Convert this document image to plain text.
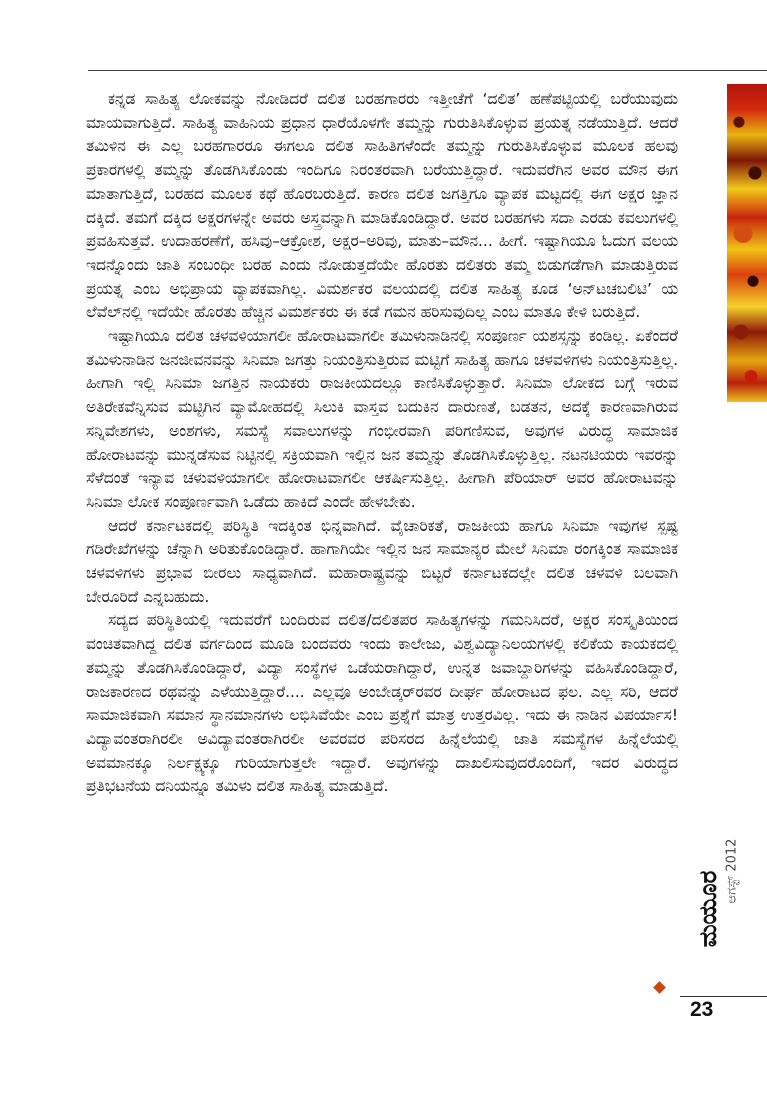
ಕನ್ನಡ ಸಾಹಿತ್ಯ ಲೋಕವನ್ನು ನೋಡಿದರೆ ದಲಿತ ಬರಹಗಾರರು ಇತ್ತೀಚೆಗೆ ‘ದಲಿತ’ ಹಣೆಪಟ್ಟಿಯಲ್ಲಿ ಬರೆಯುವುದು ಮಾಯವಾಗುತ್ತಿದೆ. ಸಾಹಿತ್ಯ ವಾಹಿನಿಯ ಪ್ರಧಾನ ಧಾರೆಯೊಳಗೇ ತಮ್ಮನ್ನು ಗುರುತಿಸಿಕೊಳ್ಳುವ ಪ್ರಯತ್ನ ನಡೆಯುತ್ತಿದೆ. ಆದರೆ ತಮಿಳಿನ ಈ ಎಲ್ಲ ಬರಹಗಾರರೂ ಈಗಲೂ ದಲಿತ ಸಾಹಿತಿಗಳೆಂದೇ ತಮ್ಮನ್ನು ಗುರುತಿಸಿಕೊಳ್ಳುವ ಮೂಲಕ ಹಲವು ಪ್ರಕಾರಗಳಲ್ಲಿ ತಮ್ಮನ್ನು ತೊಡಗಿಸಿಕೊಂಡು ಇಂದಿಗೂ ನಿರಂತರವಾಗಿ ಬರೆಯುತ್ತಿದ್ದಾರೆ. ಇದುವರೆಗಿನ ಅವರ ಮೌನ ಈಗ ಮಾತಾಗುತ್ತಿದೆ, ಬರಹದ ಮೂಲಕ ಕಥೆ ಹೊರಬರುತ್ತಿದೆ. ಕಾರಣ ದಲಿತ ಜಗತ್ತಿಗೂ ವ್ಯಾಪಕ ಮಟ್ಟದಲ್ಲಿ ಈಗ ಅಕ್ಷರ ಜ್ಞಾನ ದಕ್ಕಿದೆ. ತಮಗೆ ದಕ್ಕಿದ ಅಕ್ಷರಗಳನ್ನೇ ಅವರು ಅಸ್ತ್ರವನ್ನಾಗಿ ಮಾಡಿಕೊಂಡಿದ್ದಾರೆ. ಅವರ ಬರಹಗಳು ಸದಾ ಎರಡು ಕವಲುಗಳಲ್ಲಿ ಪ್ರವಹಿಸುತ್ತವೆ. ಉದಾಹರಣೆಗೆ, ಹಸಿವು–ಆಕ್ರೋಶ, ಅಕ್ಷರ–ಅರಿವು, ಮಾತು–ಮೌನ... ಹೀಗೆ. ಇಷ್ಟಾಗಿಯೂ ಓದುಗ ವಲಯ ಇದನ್ನೊಂದು ಜಾತಿ ಸಂಬಂಧೀ ಬರಹ ಎಂದು ನೋಡುತ್ತದೆಯೇ ಹೊರತು ದಲಿತರು ತಮ್ಮ ಬಿಡುಗಡೆಗಾಗಿ ಮಾಡುತ್ತಿರುವ ಪ್ರಯತ್ನ ಎಂಬ ಅಭಿಪ್ರಾಯ ವ್ಯಾಪಕವಾಗಿಲ್ಲ. ವಿಮರ್ಶಕರ ವಲಯದಲ್ಲಿ ದಲಿತ ಸಾಹಿತ್ಯ ಕೂಡ ‘ಅನ್‌ಟಚಬಲಿಟಿ’ ಯ ಲೆವೆಲ್‌ನಲ್ಲಿ ಇದೆಯೇ ಹೊರತು ಹೆಚ್ಚಿನ ವಿಮರ್ಶಕರು ಈ ಕಡೆ ಗಮನ ಹರಿಸುವುದಿಲ್ಲ ಎಂಬ ಮಾತೂ ಕೇಳಿ ಬರುತ್ತಿದೆ.

ಇಷ್ಟಾಗಿಯೂ ದಲಿತ ಚಳವಳಿಯಾಗಲೀ ಹೋರಾಟವಾಗಲೀ ತಮಿಳುನಾಡಿನಲ್ಲಿ ಸಂಪೂರ್ಣ ಯಶಸ್ಸನ್ನು ಕಂಡಿಲ್ಲ. ಏಕೆಂದರೆ ತಮಿಳುನಾಡಿನ ಜನಜೀವನವನ್ನು ಸಿನಿಮಾ ಜಗತ್ತು ನಿಯಂತ್ರಿಸುತ್ತಿರುವ ಮಟ್ಟಿಗೆ ಸಾಹಿತ್ಯ ಹಾಗೂ ಚಳವಳಿಗಳು ನಿಯಂತ್ರಿಸುತ್ತಿಲ್ಲ. ಹೀಗಾಗಿ ಇಲ್ಲಿ ಸಿನಿಮಾ ಜಗತ್ತಿನ ನಾಯಕರು ರಾಜಕೀಯದಲ್ಲೂ ಕಾಣಿಸಿಕೊಳ್ಳುತ್ತಾರೆ. ಸಿನಿಮಾ ಲೋಕದ ಬಗ್ಗೆ ಇರುವ ಅತಿರೇಕವೆನ್ನಿಸುವ ಮಟ್ಟಿಗಿನ ವ್ಯಾಮೋಹದಲ್ಲಿ ಸಿಲುಕಿ ವಾಸ್ತವ ಬದುಕಿನ ದಾರುಣತೆ, ಬಡತನ, ಅದಕ್ಕೆ ಕಾರಣವಾಗಿರುವ ಸನ್ನಿವೇಶಗಳು, ಅಂಶಗಳು, ಸಮಸ್ಯೆ ಸವಾಲುಗಳನ್ನು ಗಂಭೀರವಾಗಿ ಪರಿಗಣಿಸುವ, ಅವುಗಳ ವಿರುದ್ಧ ಸಾಮಾಜಿಕ ಹೋರಾಟವನ್ನು ಮುನ್ನಡೆಸುವ ನಿಟ್ಟಿನಲ್ಲಿ ಸಕ್ರಿಯವಾಗಿ ಇಲ್ಲಿನ ಜನ ತಮ್ಮನ್ನು ತೊಡಗಿಸಿಕೊಳ್ಳುತ್ತಿಲ್ಲ. ನಟನಟಿಯರು ಇವರನ್ನು ಸೆಳೆದಂತೆ ಇನ್ಯಾವ ಚಳುವಳಿಯಾಗಲೀ ಹೋರಾಟವಾಗಲೀ ಆಕರ್ಷಿಸುತ್ತಿಲ್ಲ. ಹೀಗಾಗಿ ಪೆರಿಯಾರ್ ಅವರ ಹೋರಾಟವನ್ನು ಸಿನಿಮಾ ಲೋಕ ಸಂಪೂರ್ಣವಾಗಿ ಒಡೆದು ಹಾಕಿದೆ ಎಂದೇ ಹೇಳಬೇಕು.

ಆದರೆ ಕರ್ನಾಟಕದಲ್ಲಿ ಪರಿಸ್ಥಿತಿ ಇದಕ್ಕಿಂತ ಭಿನ್ನವಾಗಿದೆ. ವೈಚಾರಿಕತೆ, ರಾಜಕೀಯ ಹಾಗೂ ಸಿನಿಮಾ ಇವುಗಳ ಸ್ಪಷ್ಟ ಗಡಿರೇಖೆಗಳನ್ನು ಚೆನ್ನಾಗಿ ಅರಿತುಕೊಂಡಿದ್ದಾರೆ. ಹಾಗಾಗಿಯೇ ಇಲ್ಲಿನ ಜನ ಸಾಮಾನ್ಯರ ಮೇಲೆ ಸಿನಿಮಾ ರಂಗಕ್ಕಿಂತ ಸಾಮಾಜಿಕ ಚಳವಳಿಗಳು ಪ್ರಭಾವ ಬೀರಲು ಸಾಧ್ಯವಾಗಿದೆ. ಮಹಾರಾಷ್ಟ್ರವನ್ನು ಬಿಟ್ಟರೆ ಕರ್ನಾಟಕದಲ್ಲೇ ದಲಿತ ಚಳವಳಿ ಬಲವಾಗಿ ಬೇರೂರಿದೆ ಎನ್ನಬಹುದು.

ಸದ್ಯದ ಪರಿಸ್ಥಿತಿಯಲ್ಲಿ ಇದುವರೆಗೆ ಬಂದಿರುವ ದಲಿತ/ದಲಿತಪರ ಸಾಹಿತ್ಯಗಳನ್ನು ಗಮನಿಸಿದರೆ, ಅಕ್ಷರ ಸಂಸ್ಕೃತಿಯಿಂದ ವಂಚಿತವಾಗಿದ್ದ ದಲಿತ ವರ್ಗದಿಂದ ಮೂಡಿ ಬಂದವರು ಇಂದು ಕಾಲೇಜು, ವಿಶ್ವವಿದ್ಯಾನಿಲಯಗಳಲ್ಲಿ ಕಲಿಕೆಯ ಕಾಯಕದಲ್ಲಿ ತಮ್ಮನ್ನು ತೊಡಗಿಸಿಕೊಂಡಿದ್ದಾರೆ, ವಿದ್ಯಾ ಸಂಸ್ಥೆಗಳ ಒಡೆಯರಾಗಿದ್ದಾರೆ, ಉನ್ನತ ಜವಾಬ್ದಾರಿಗಳನ್ನು ವಹಿಸಿಕೊಂಡಿದ್ದಾರೆ, ರಾಜಕಾರಣದ ರಥವನ್ನು ಎಳೆಯುತ್ತಿದ್ದಾರೆ.... ಎಲ್ಲವೂ ಅಂಬೇಡ್ಕರ್‌ರವರ ದೀರ್ಘ ಹೋರಾಟದ ಫಲ. ಎಲ್ಲ ಸರಿ, ಆದರೆ ಸಾಮಾಜಿಕವಾಗಿ ಸಮಾನ ಸ್ಥಾನಮಾನಗಳು ಲಭಿಸಿವೆಯೇ ಎಂಬ ಪ್ರಶ್ನೆಗೆ ಮಾತ್ರ ಉತ್ತರವಿಲ್ಲ. ಇದು ಈ ನಾಡಿನ ವಿಪರ್ಯಾಸ! ವಿದ್ಯಾವಂತರಾಗಿರಲೀ ಅವಿದ್ಯಾವಂತರಾಗಿರಲೀ ಅವರವರ ಪರಿಸರದ ಹಿನ್ನೆಲೆಯಲ್ಲಿ ಜಾತಿ ಸಮಸ್ಯೆಗಳ ಹಿನ್ನೆಲೆಯಲ್ಲಿ ಅವಮಾನಕ್ಕೂ ನಿರ್ಲಕ್ಷ್ಯಕ್ಕೂ ಗುರಿಯಾಗುತ್ತಲೇ ಇದ್ದಾರೆ. ಅವುಗಳನ್ನು ದಾಖಲಿಸುವುದರೊಂದಿಗೆ, ಇದರ ವಿರುದ್ಧದ ಪ್ರತಿಭಟನೆಯ ದನಿಯನ್ನೂ ತಮಿಳು ದಲಿತ ಸಾಹಿತ್ಯ ಮಾಡುತ್ತಿದೆ.

ಆಗಸ್ಟ್ 2012
ಮಯೂರ
23
